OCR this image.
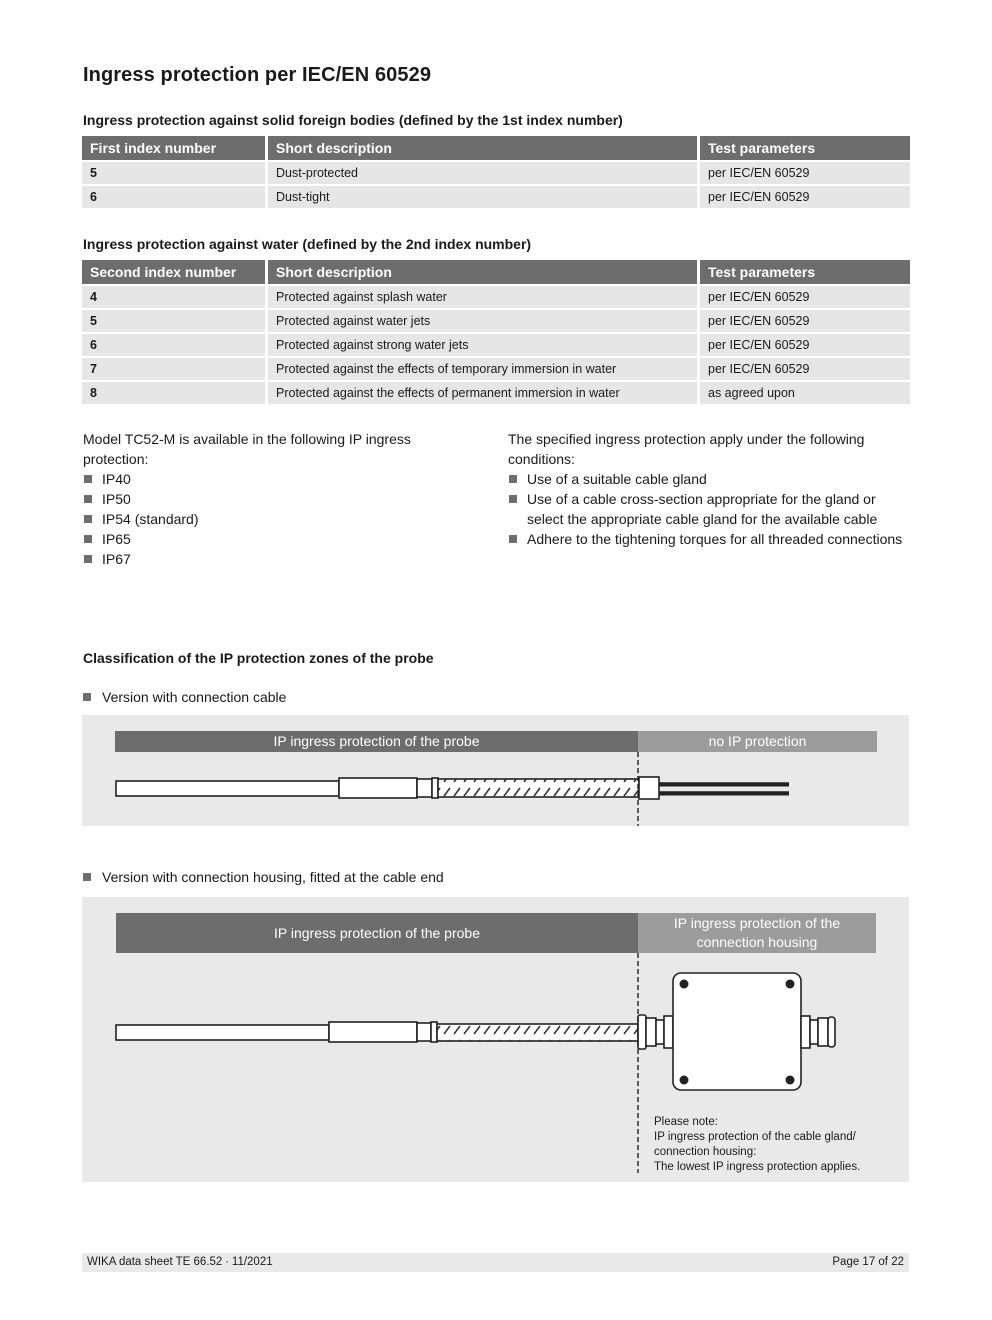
Ingress protection per IEC/EN 60529

Ingress protection against solid foreign bodies (defined by the 1st index number)

First index number	Short description	Test parameters
5	Dust-protected	per IEC/EN 60529
6	Dust-tight	per IEC/EN 60529

Ingress protection against water (defined by the 2nd index number)

Second index number	Short description	Test parameters
4	Protected against splash water	per IEC/EN 60529
5	Protected against water jets	per IEC/EN 60529
6	Protected against strong water jets	per IEC/EN 60529
7	Protected against the effects of temporary immersion in water	per IEC/EN 60529
8	Protected against the effects of permanent immersion in water	as agreed upon

Model TC52-M is available in the following IP ingress protection:

IP40
IP50
IP54 (standard)
IP65
IP67

The specified ingress protection apply under the following conditions:

Use of a suitable cable gland
Use of a cable cross-section appropriate for the gland or select the appropriate cable gland for the available cable
Adhere to the tightening torques for all threaded connections

Classification of the IP protection zones of the probe

Version with connection cable
IP ingress protection of the probe	no IP protection
Version with connection housing, fitted at the cable end
IP ingress protection of the probe
IP ingress protection of the
connection housing
Please note:
IP ingress protection of the cable gland/
connection housing:
The lowest IP ingress protection applies.
WIKA data sheet TE 66.52 ∙ 11/2021	Page 17 of 22
